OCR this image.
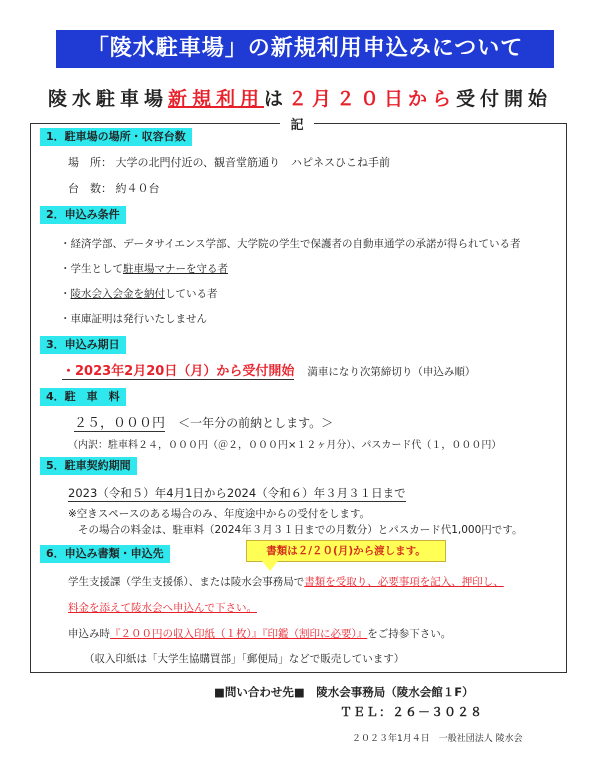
「陵水駐車場」の新規利用申込みについて
陵水駐車場新規利用は２月２０日から受付開始
記
1．駐車場の場所・収容台数
場　所： 大学の北門付近の、観音堂筋通り　ハピネスひこね手前
台　数： 約４０台
2．申込み条件
・経済学部、データサイエンス学部、大学院の学生で保護者の自動車通学の承諾が得られている者
・学生として駐車場マナーを守る者
・陵水会入会金を納付している者
・車庫証明は発行いたしません
3．申込み期日
・2023年2月20日（月）から受付開始 満車になり次第締切り（申込み順）
4．駐　車　料
２５，０００円 ＜一年分の前納とします。＞
（内訳：駐車料２４，０００円（＠２，０００円×１２ヶ月分）、パスカード代（１，０００円）
5．駐車契約期間
2023（令和５）年4月1日から2024（令和６）年３月３１日まで
※空きスペースのある場合のみ、年度途中からの受付をします。
その場合の料金は、駐車料（2024年３月３１日までの月数分）とパスカード代1,000円です。
6．申込み書類・申込先	書類は２/２０(月)から渡します。
学生支援課（学生支援係）、または陵水会事務局で書類を受取り、必要事項を記入、押印し、
料金を添えて陵水会へ申込んで下さい。
申込み時『２００円の収入印紙（１枚）』『印鑑（割印に必要）』をご持参下さい。
（収入印紙は「大学生協購買部」「郵便局」などで販売しています）
■問い合わせ先■　陵水会事務局（陵水会館１F）
ＴＥＬ：２６－３０２８
２０２３年1月４日　一般社団法人 陵水会
